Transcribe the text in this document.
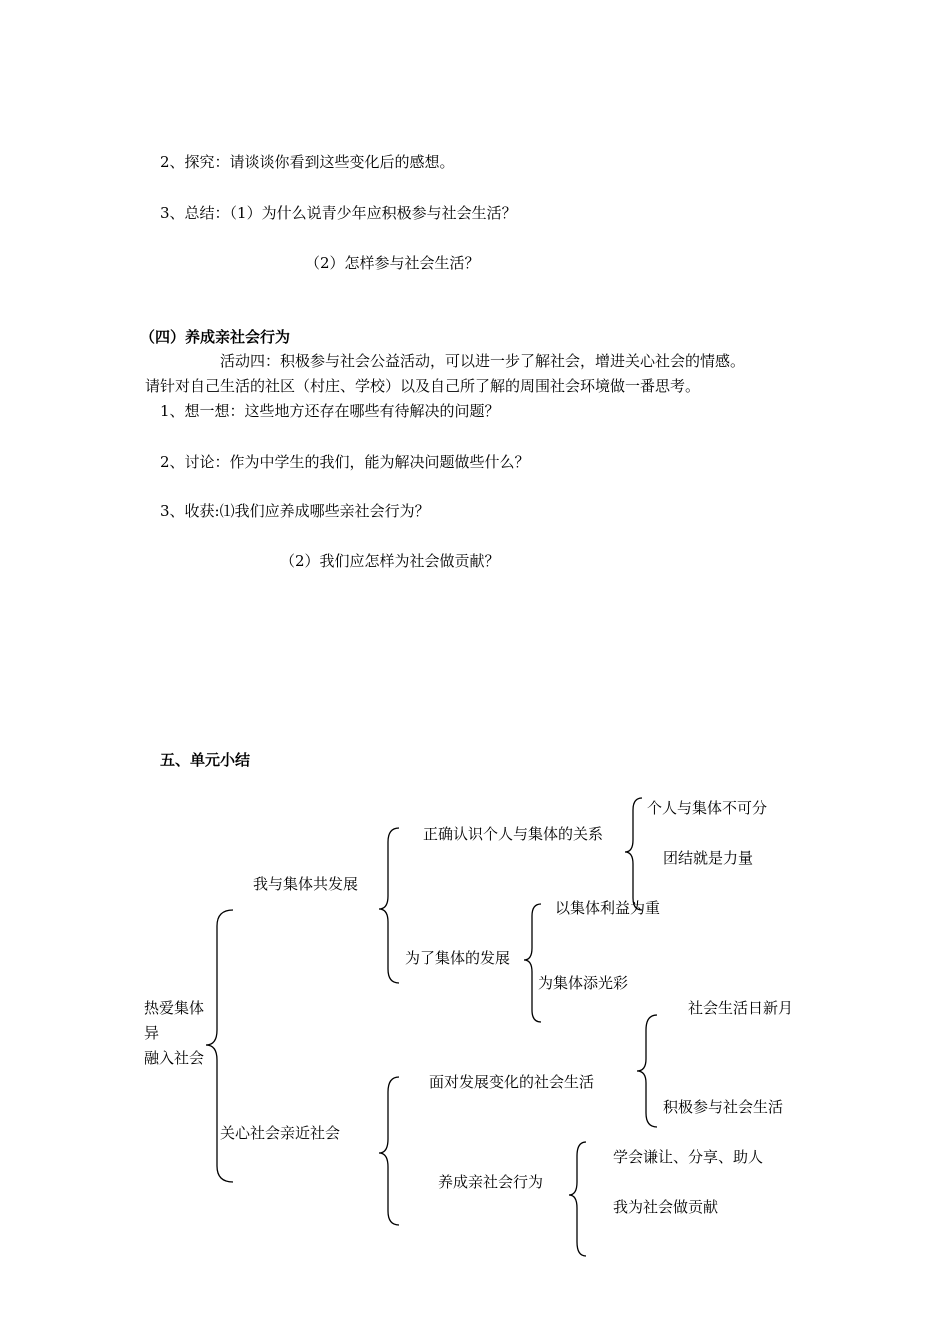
2、探究：请谈谈你看到这些变化后的感想。
3、总结：（1）为什么说青少年应积极参与社会生活？
（2）怎样参与社会生活？
（四）养成亲社会行为
活动四：积极参与社会公益活动，可以进一步了解社会，增进关心社会的情感。
请针对自己生活的社区（村庄、学校）以及自己所了解的周围社会环境做一番思考。
1、想一想：这些地方还存在哪些有待解决的问题？
2、讨论：作为中学生的我们，能为解决问题做些什么？
3、收获:⑴我们应养成哪些亲社会行为？
（2）我们应怎样为社会做贡献？
五、单元小结
热爱集体
异
融入社会
我与集体共发展
正确认识个人与集体的关系
个人与集体不可分
团结就是力量
为了集体的发展
以集体利益为重
为集体添光彩
关心社会亲近社会
面对发展变化的社会生活
社会生活日新月
积极参与社会生活
养成亲社会行为
学会谦让、分享、助人
我为社会做贡献
